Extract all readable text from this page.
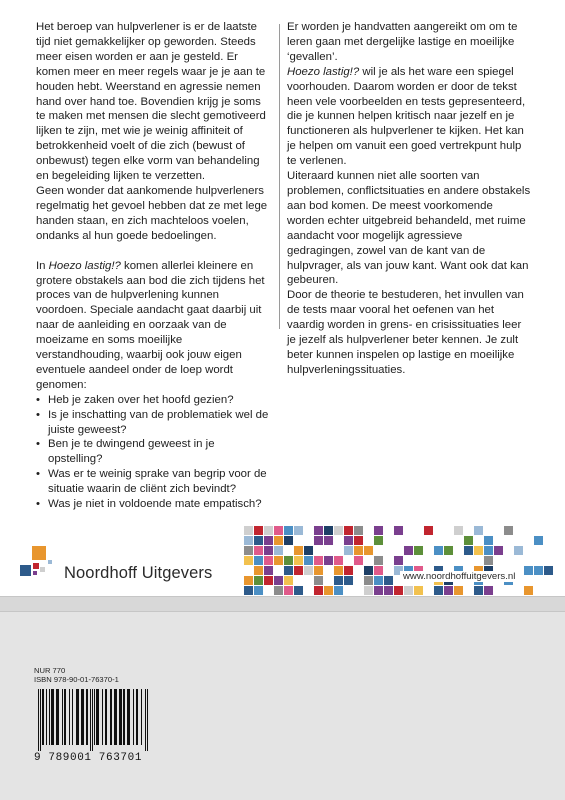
Het beroep van hulpverlener is er de laatste tijd niet gemakkelijker op geworden. Steeds meer eisen worden er aan je gesteld. Er komen meer en meer regels waar je je aan te houden hebt. Weerstand en agressie nemen hand over hand toe. Bovendien krijg je soms te maken met mensen die slecht gemotiveerd lijken te zijn, met wie je weinig affiniteit of betrokkenheid voelt of die zich (bewust of onbewust) tegen elke vorm van behandeling en begeleiding lijken te verzetten.

Geen wonder dat aankomende hulpverleners regelmatig het gevoel hebben dat ze met lege handen staan, en zich machteloos voelen, ondanks al hun goede bedoelingen.

In Hoezo lastig!? komen allerlei kleinere en grotere obstakels aan bod die zich tijdens het proces van de hulpverlening kunnen voordoen. Speciale aandacht gaat daarbij uit naar de aanleiding en oorzaak van de moeizame en soms moeilijke verstandhouding, waarbij ook jouw eigen eventuele aandeel onder de loep wordt genomen:

• Heb je zaken over het hoofd gezien?
• Is je inschatting van de problematiek wel de juiste geweest?
• Ben je te dwingend geweest in je opstelling?
• Was er te weinig sprake van begrip voor de situatie waarin de cliënt zich bevindt?
• Was je niet in voldoende mate empatisch?

Er worden je handvatten aangereikt om om te leren gaan met dergelijke lastige en moeilijke ‘gevallen’.
Hoezo lastig!? wil je als het ware een spiegel voorhouden. Daarom worden er door de tekst heen vele voorbeelden en tests gepresenteerd, die je kunnen helpen kritisch naar jezelf en je functioneren als hulpverlener te kijken. Het kan je helpen om vanuit een goed vertrekpunt hulp te verlenen.

Uiteraard kunnen niet alle soorten van problemen, conflictsituaties en andere obstakels aan bod komen. De meest voorkomende worden echter uitgebreid behandeld, met ruime aandacht voor mogelijk agressieve gedragingen, zowel van de kant van de hulpvrager, als van jouw kant. Want ook dat kan gebeuren.

Door de theorie te bestuderen, het invullen van de tests maar vooral het oefenen van het vaardig worden in grens- en crisissituaties leer je jezelf als hulpverlener beter kennen. Je zult beter kunnen inspelen op lastige en moeilijke hulpverleningssituaties.

www.noordhoffuitgevers.nl
Noordhoff Uitgevers
NUR 770
ISBN 978-90-01-76370-1
9 789001 763701
